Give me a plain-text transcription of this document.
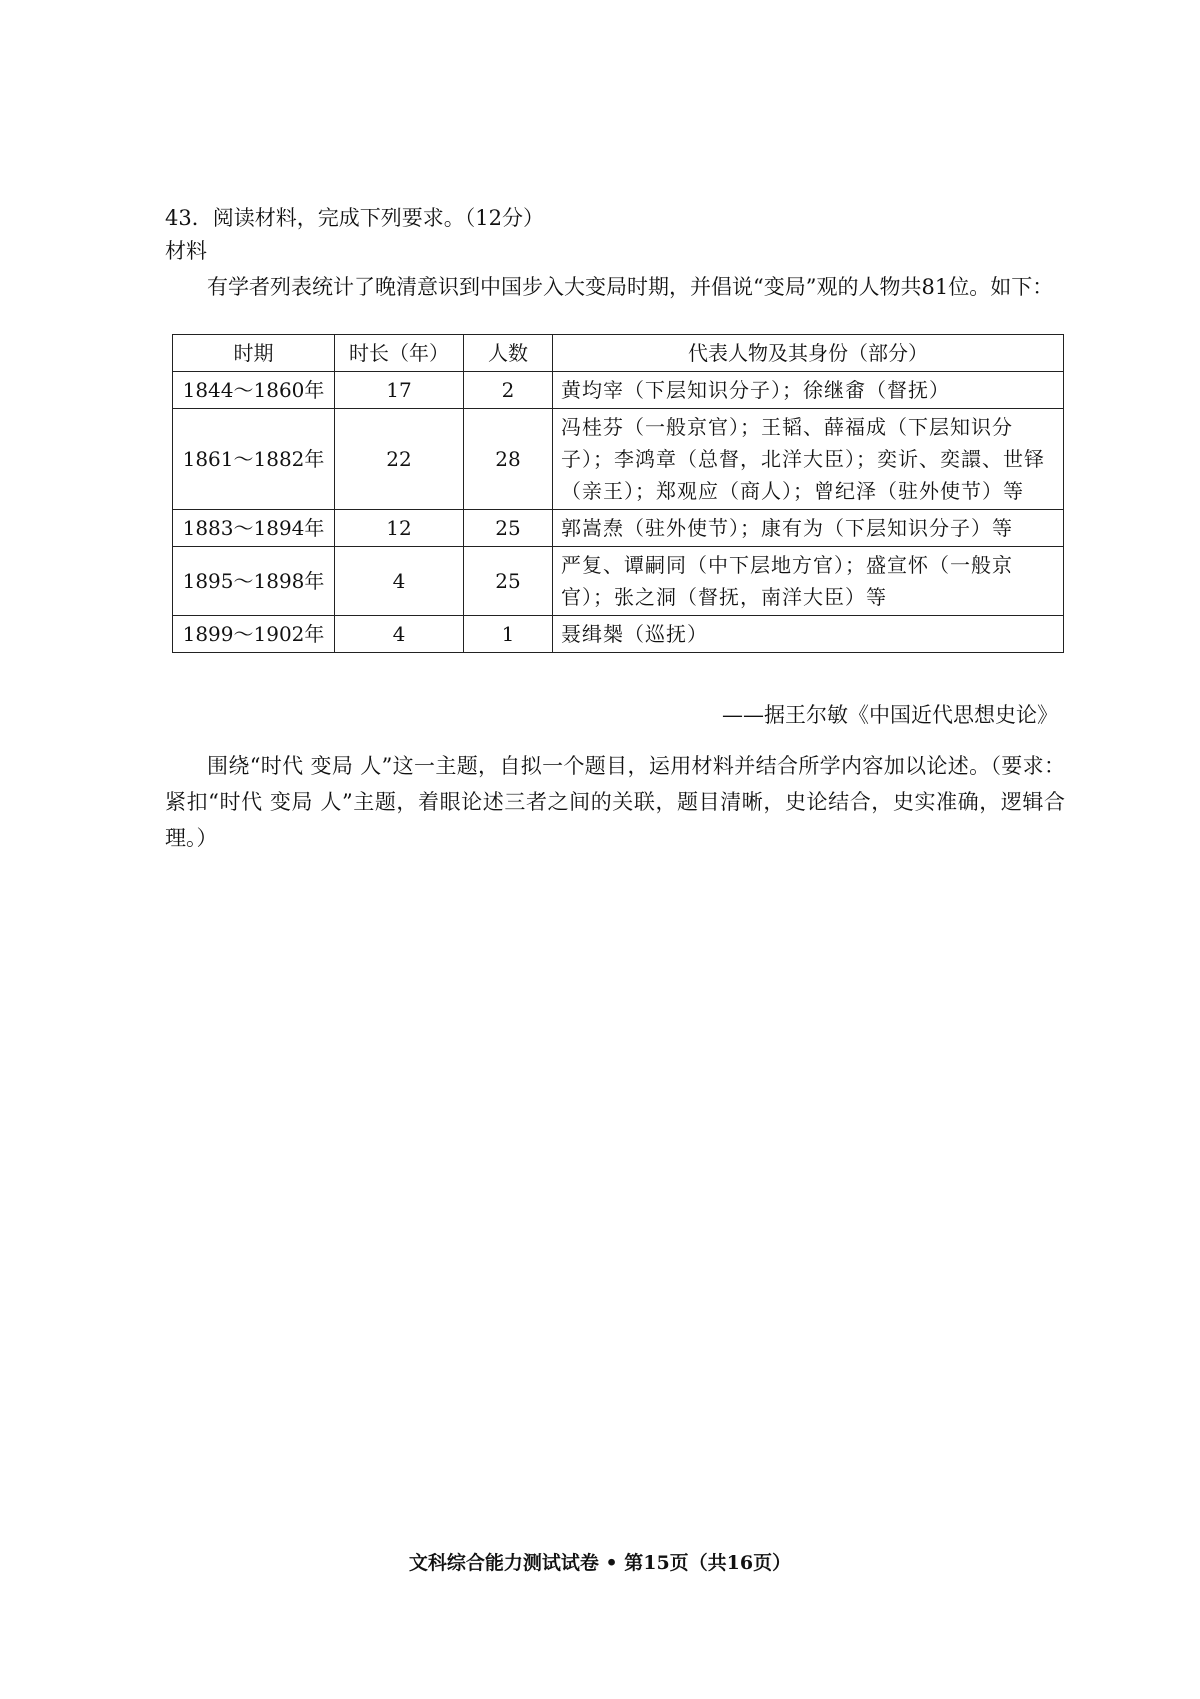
43．阅读材料，完成下列要求。（12分）
材料
有学者列表统计了晚清意识到中国步入大变局时期，并倡说“变局”观的人物共81位。如下：
时期	时长（年）	人数	代表人物及其身份（部分）
1844～1860年	17	2	黄均宰（下层知识分子）；徐继畬（督抚）
1861～1882年	22	28	冯桂芬（一般京官）；王韬、薛福成（下层知识分子）；李鸿章（总督，北洋大臣）；奕䜣、奕譞、世铎（亲王）；郑观应（商人）；曾纪泽（驻外使节）等
1883～1894年	12	25	郭嵩焘（驻外使节）；康有为（下层知识分子）等
1895～1898年	4	25	严复、谭嗣同（中下层地方官）；盛宣怀（一般京官）；张之洞（督抚，南洋大臣）等
1899～1902年	4	1	聂缉椝（巡抚）
——据王尔敏《中国近代思想史论》
围绕“时代 变局 人”这一主题，自拟一个题目，运用材料并结合所学内容加以论述。（要求：紧扣“时代 变局 人”主题，着眼论述三者之间的关联，题目清晰，史论结合，史实准确，逻辑合理。）
文科综合能力测试试卷 • 第15页（共16页）
